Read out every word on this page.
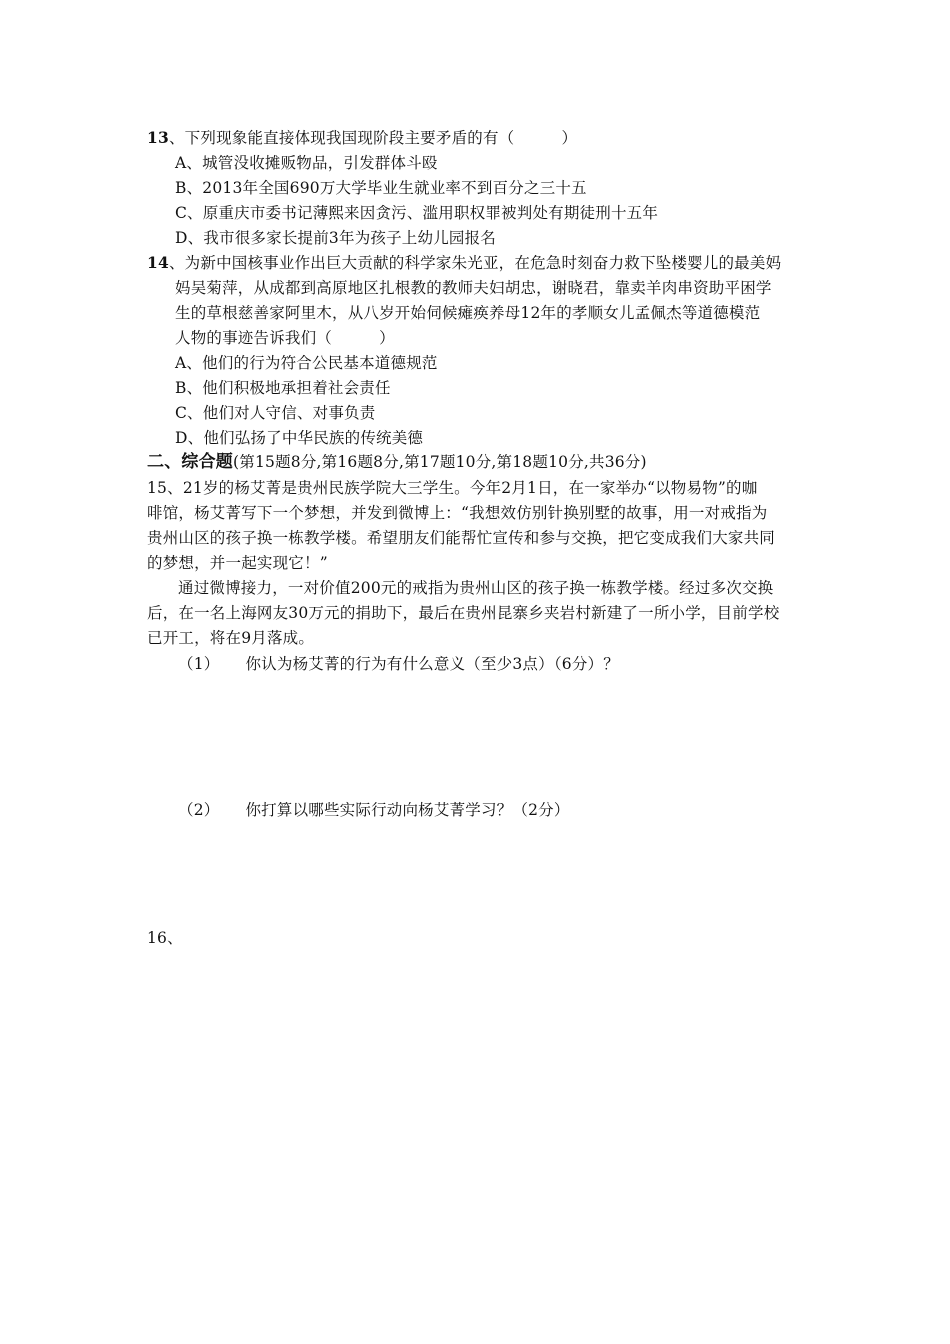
13、下列现象能直接体现我国现阶段主要矛盾的有（　　　）
A、城管没收摊贩物品，引发群体斗殴
B、2013年全国690万大学毕业生就业率不到百分之三十五
C、原重庆市委书记薄熙来因贪污、滥用职权罪被判处有期徒刑十五年
D、我市很多家长提前3年为孩子上幼儿园报名
14、为新中国核事业作出巨大贡献的科学家朱光亚，在危急时刻奋力救下坠楼婴儿的最美妈
妈吴菊萍，从成都到高原地区扎根教的教师夫妇胡忠，谢晓君，靠卖羊肉串资助平困学
生的草根慈善家阿里木，从八岁开始伺候瘫痪养母12年的孝顺女儿孟佩杰等道德模范
人物的事迹告诉我们（　　　）
A、他们的行为符合公民基本道德规范
B、他们积极地承担着社会责任
C、他们对人守信、对事负责
D、他们弘扬了中华民族的传统美德
二、综合题(第15题8分,第16题8分,第17题10分,第18题10分,共36分)
15、21岁的杨艾菁是贵州民族学院大三学生。今年2月1日，在一家举办“以物易物”的咖
啡馆，杨艾菁写下一个梦想，并发到微博上：“我想效仿别针换别墅的故事，用一对戒指为
贵州山区的孩子换一栋教学楼。希望朋友们能帮忙宣传和参与交换，把它变成我们大家共同
的梦想，并一起实现它！”
通过微博接力，一对价值200元的戒指为贵州山区的孩子换一栋教学楼。经过多次交换
后，在一名上海网友30万元的捐助下，最后在贵州昆寨乡夹岩村新建了一所小学，目前学校
已开工，将在9月落成。
（1） 你认为杨艾菁的行为有什么意义（至少3点）（6分）？
（2） 你打算以哪些实际行动向杨艾菁学习？（2分）
16、
